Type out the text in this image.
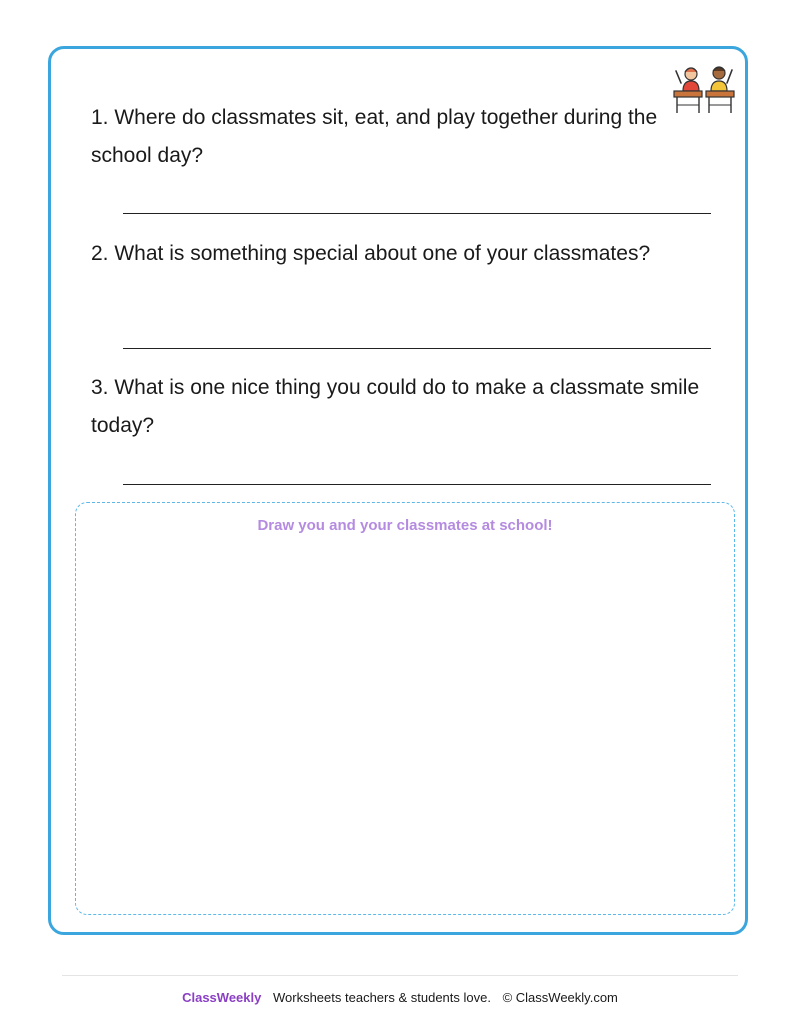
1. Where do classmates sit, eat, and play together during the school day?
2. What is something special about one of your classmates?
3. What is one nice thing you could do to make a classmate smile today?
Draw you and your classmates at school!
ClassWeekly Worksheets teachers & students love. © ClassWeekly.com
